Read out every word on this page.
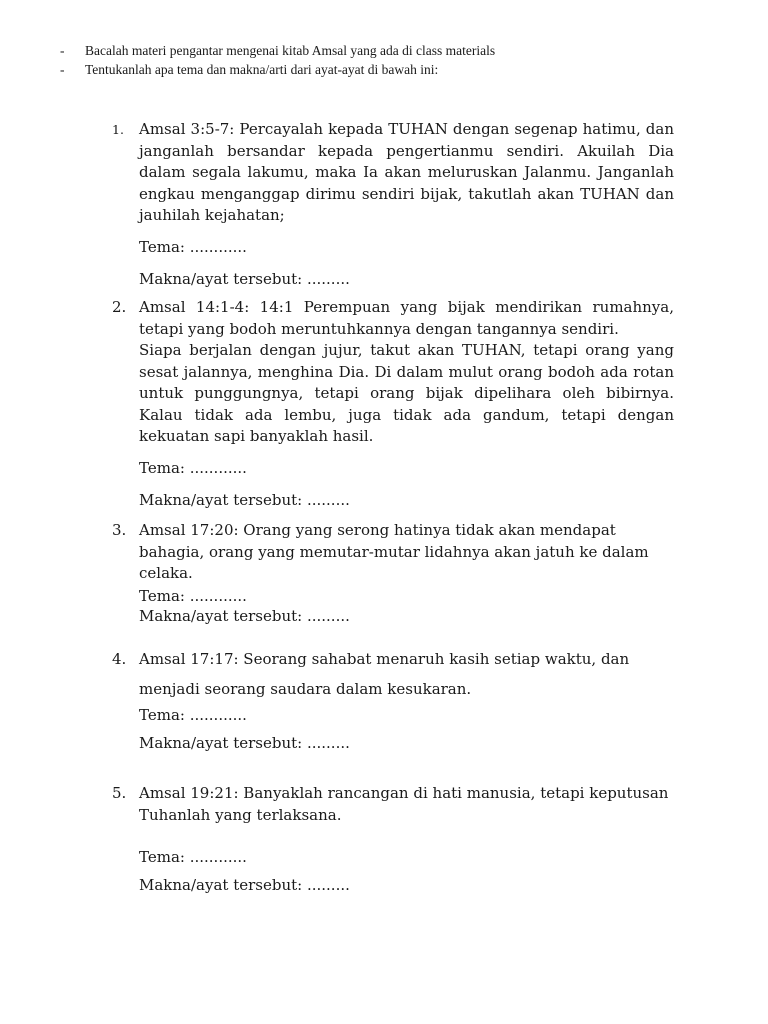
-	Bacalah materi pengantar mengenai kitab Amsal yang ada di class materials
-	Tentukanlah apa tema dan makna/arti dari ayat-ayat di bawah ini:
1.	Amsal 3:5-7: Percayalah kepada TUHAN dengan segenap hatimu, dan janganlah bersandar kepada pengertianmu sendiri. Akuilah Dia dalam segala lakumu, maka Ia akan meluruskan Jalanmu. Janganlah engkau menganggap dirimu sendiri bijak, takutlah akan TUHAN dan jauhilah kejahatan;

Tema: ............
Makna/ayat tersebut: .........
2. Amsal 14:1-4: 14:1 Perempuan yang bijak mendirikan rumahnya, tetapi yang bodoh meruntuhkannya dengan tangannya sendiri.

Siapa berjalan dengan jujur, takut akan TUHAN, tetapi orang yang sesat jalannya, menghina Dia. Di dalam mulut orang bodoh ada rotan untuk punggungnya, tetapi orang bijak dipelihara oleh bibirnya. Kalau tidak ada lembu, juga tidak ada gandum, tetapi dengan kekuatan sapi banyaklah hasil.

Tema: ............
Makna/ayat tersebut: .........
3. Amsal 17:20: Orang yang serong hatinya tidak akan mendapat bahagia, orang yang memutar-mutar lidahnya akan jatuh ke dalam celaka.

Tema: ............
Makna/ayat tersebut: .........
4. Amsal 17:17: Seorang sahabat menaruh kasih setiap waktu, dan

menjadi seorang saudara dalam kesukaran.

Tema: ............
Makna/ayat tersebut: .........
5. Amsal 19:21: Banyaklah rancangan di hati manusia, tetapi keputusan Tuhanlah yang terlaksana.

Tema: ............
Makna/ayat tersebut: .........
